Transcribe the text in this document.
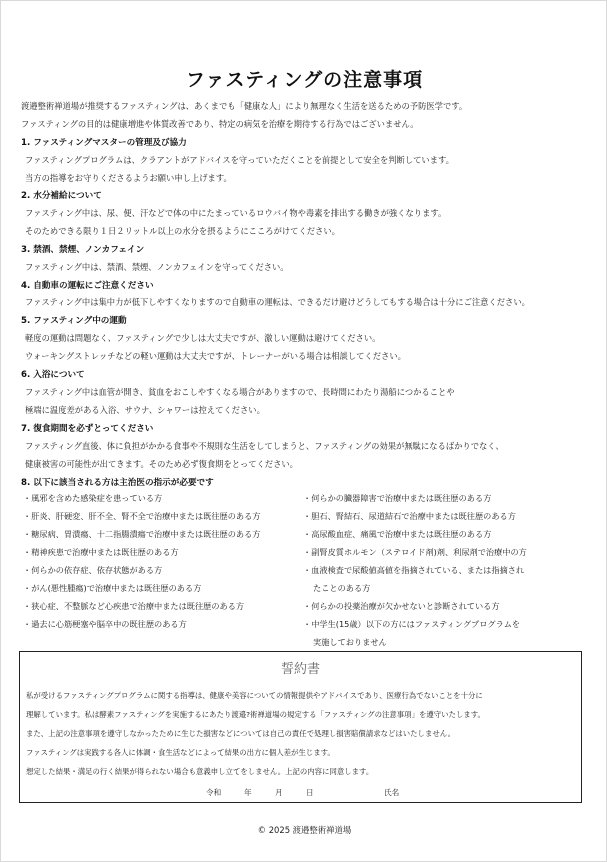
ファスティングの注意事項
渡邉整術禅道場が推奨するファスティングは、あくまでも「健康な人」により無理なく生活を送るための予防医学です。
ファスティングの目的は健康増進や体質改善であり、特定の病気を治療を期待する行為ではございません。
1. ファスティングマスターの管理及び協力
ファスティングプログラムは、クラアントがアドバイスを守っていただくことを前提として安全を判断しています。
当方の指導をお守りくださるようお願い申し上げます。
2. 水分補給について
ファスティング中は、尿、便、汗などで体の中にたまっているロウバイ物や毒素を排出する働きが強くなります。
そのためできる限り１日２リットル以上の水分を摂るようにこころがけてください。
3. 禁酒、禁煙、ノンカフェイン
ファスティング中は、禁酒、禁煙、ノンカフェインを守ってください。
4. 自動車の運転にご注意ください
ファスティング中は集中力が低下しやすくなりますので自動車の運転は、できるだけ避けどうしてもする場合は十分にご注意ください。
5. ファスティング中の運動
軽度の運動は問題なく、ファスティングで少しは大丈夫ですが、激しい運動は避けてください。
ウォーキングストレッチなどの軽い運動は大丈夫ですが、トレーナーがいる場合は相談してください。
6. 入浴について
ファスティング中は血管が開き、貧血をおこしやすくなる場合がありますので、長時間にわたり湯船につかることや
極端に温度差がある入浴、サウナ、シャワーは控えてください。
7. 復食期間を必ずとってください
ファスティング直後、体に負担がかかる食事や不規則な生活をしてしまうと、ファスティングの効果が無駄になるばかりでなく、
健康被害の可能性が出てきます。そのため必ず復食期をとってください。
8. 以下に該当される方は主治医の指示が必要です
・風邪を含めた感染症を患っている方
・肝炎、肝硬変、肝不全、腎不全で治療中または既往歴のある方
・糖尿病、胃潰瘍、十二指腸潰瘍で治療中または既往歴のある方
・精神疾患で治療中または既往歴のある方
・何らかの依存症、依存状態がある方
・がん(悪性腫瘍)で治療中または既往歴のある方
・狭心症、不整脈など心疾患で治療中または既往歴のある方
・過去に心筋梗塞や脳卒中の既往歴のある方
・何らかの臓器障害で治療中または既往歴のある方
・胆石、腎結石、尿道結石で治療中または既往歴のある方
・高尿酸血症、痛風で治療中または既往歴のある方
・副腎皮質ホルモン（ステロイド剤)剤、利尿剤で治療中の方
・血液検査で尿酸値高値を指摘されている、または指摘され
たことのある方
・何らかの投薬治療が欠かせないと診断されている方
・中学生(15歳）以下の方にはファスティングプログラムを
実施しておりません
誓約書
私が受けるファスティングプログラムに関する指導は、健康や美容についての情報提供やアドバイスであり、医療行為でないことを十分に
理解しています。私は酵素ファスティングを実施するにあたり渡邉?術禅道場の規定する「ファスティングの注意事項」を遵守いたします。
また、上記の注意事項を遵守しなかったために生じた損害などについては自己の責任で処理し損害賠償請求などはいたしません。
ファスティングは実践する各人に体調・食生活などによって結果の出方に個人差が生じます。
想定した結果・満足の行く結果が得られない場合も意義申し立てをしません。上記の内容に同意します。
令和	年	月	日	氏名
© 2025 渡邉整術禅道場
